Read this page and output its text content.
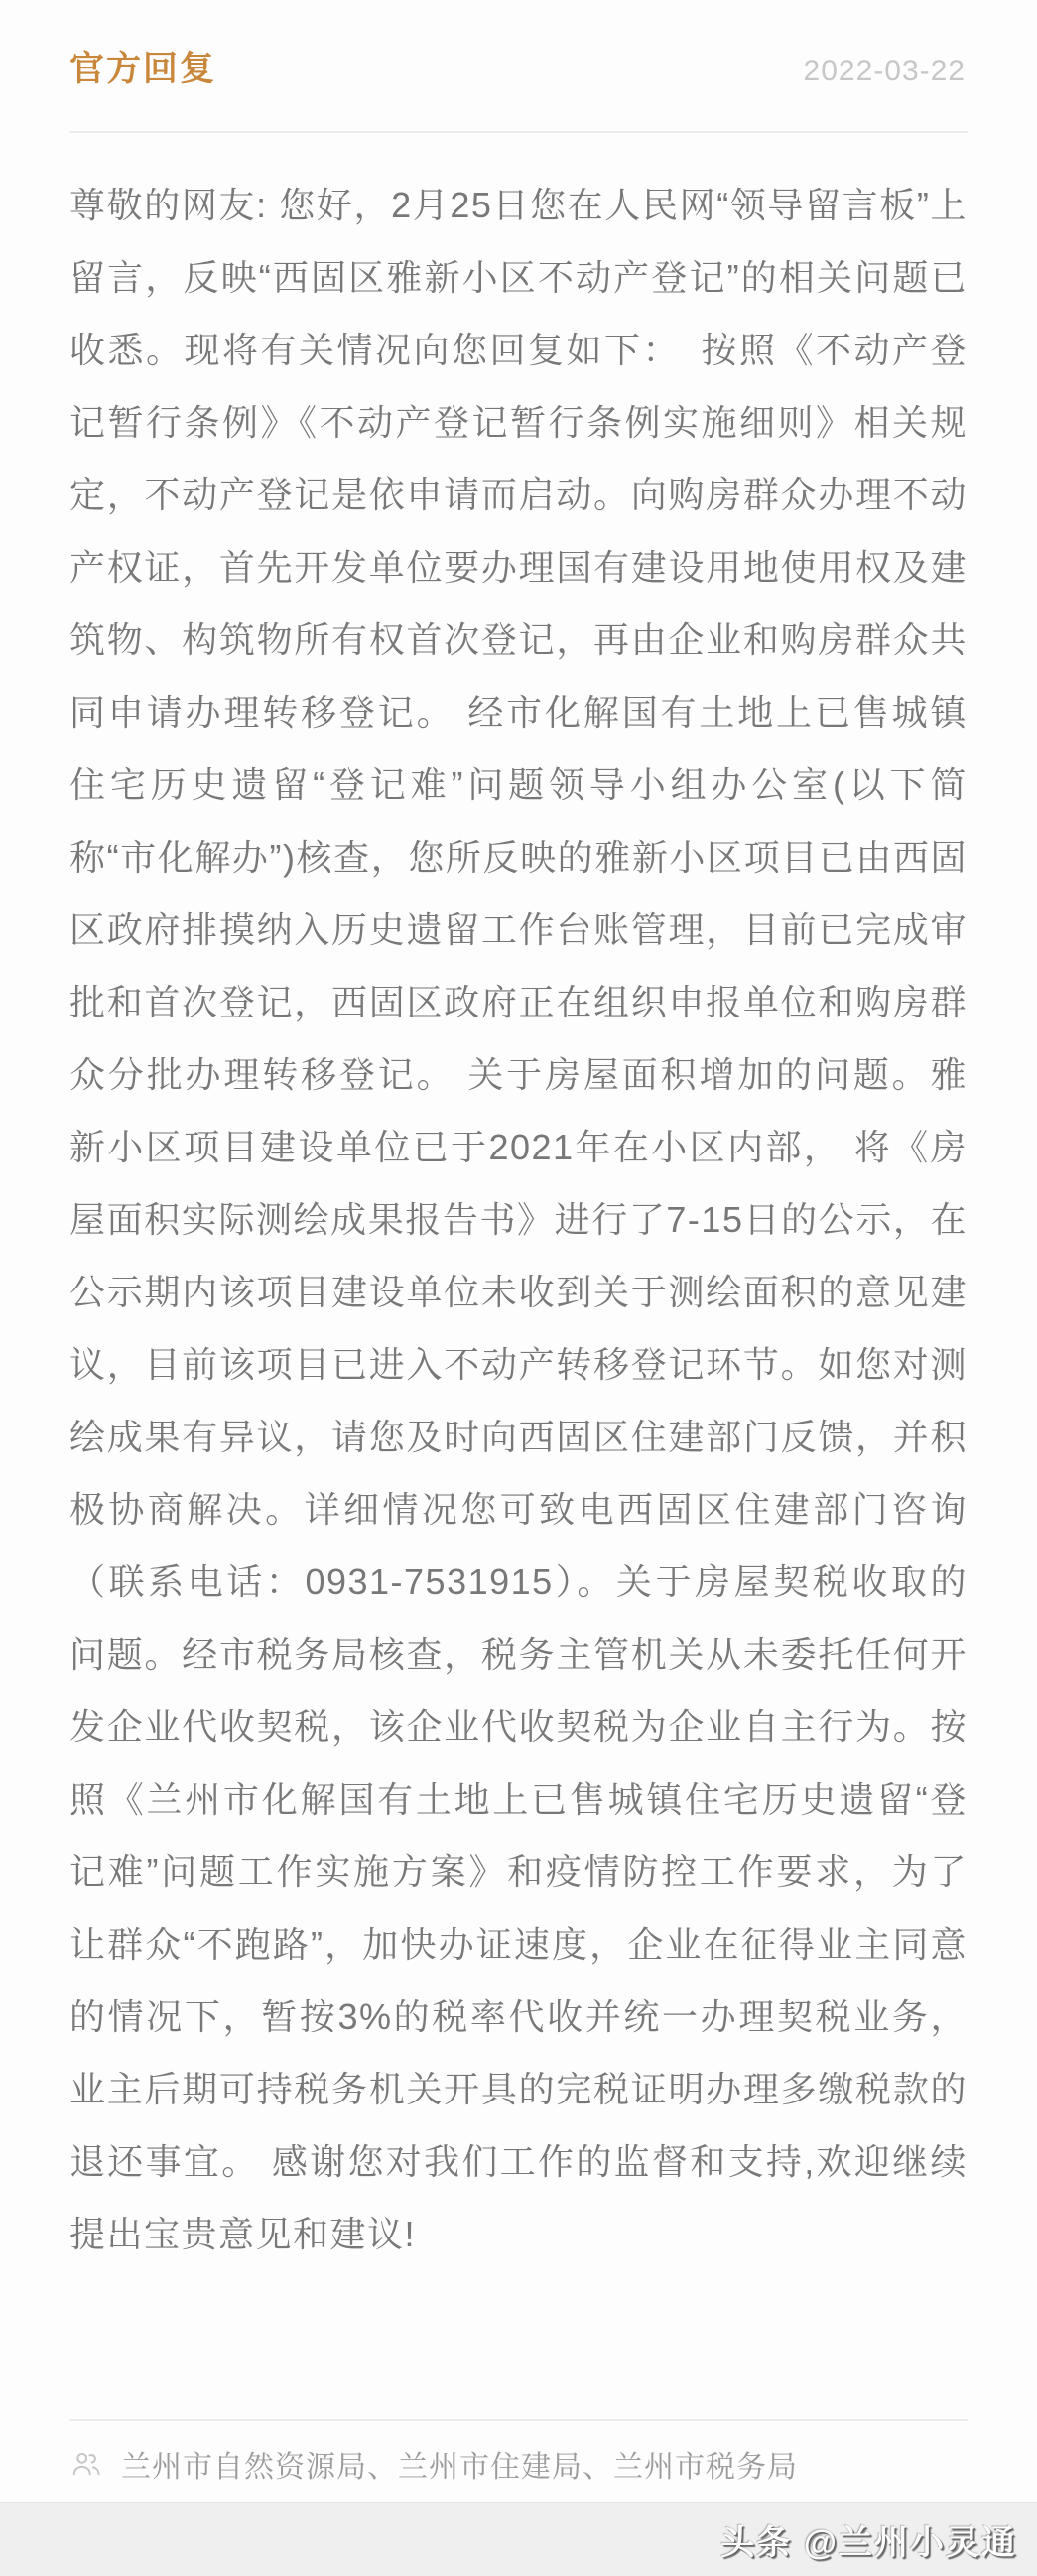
官方回复	2022-03-22
尊敬的网友: 您好，2月25日您在人民网“领导留言板”上留言，反映“西固区雅新小区不动产登记”的相关问题已收悉。现将有关情况向您回复如下：　按照《不动产登记暂行条例》《不动产登记暂行条例实施细则》相关规定，不动产登记是依申请而启动。向购房群众办理不动产权证，首先开发单位要办理国有建设用地使用权及建筑物、构筑物所有权首次登记，再由企业和购房群众共同申请办理转移登记。 经市化解国有土地上已售城镇住宅历史遗留“登记难”问题领导小组办公室(以下简称“市化解办”)核查，您所反映的雅新小区项目已由西固区政府排摸纳入历史遗留工作台账管理，目前已完成审批和首次登记，西固区政府正在组织申报单位和购房群众分批办理转移登记。 关于房屋面积增加的问题。雅新小区项目建设单位已于2021年在小区内部， 将《房屋面积实际测绘成果报告书》进行了7-15日的公示，在公示期内该项目建设单位未收到关于测绘面积的意见建议，目前该项目已进入不动产转移登记环节。如您对测绘成果有异议，请您及时向西固区住建部门反馈，并积极协商解决。详细情况您可致电西固区住建部门咨询（联系电话：0931-7531915）。关于房屋契税收取的问题。经市税务局核查，税务主管机关从未委托任何开发企业代收契税，该企业代收契税为企业自主行为。按照《兰州市化解国有土地上已售城镇住宅历史遗留“登记难”问题工作实施方案》和疫情防控工作要求，为了让群众“不跑路”，加快办证速度，企业在征得业主同意的情况下，暂按3%的税率代收并统一办理契税业务，业主后期可持税务机关开具的完税证明办理多缴税款的退还事宜。 感谢您对我们工作的监督和支持,欢迎继续提出宝贵意见和建议!
兰州市自然资源局、兰州市住建局、兰州市税务局
头条 @兰州小灵通
